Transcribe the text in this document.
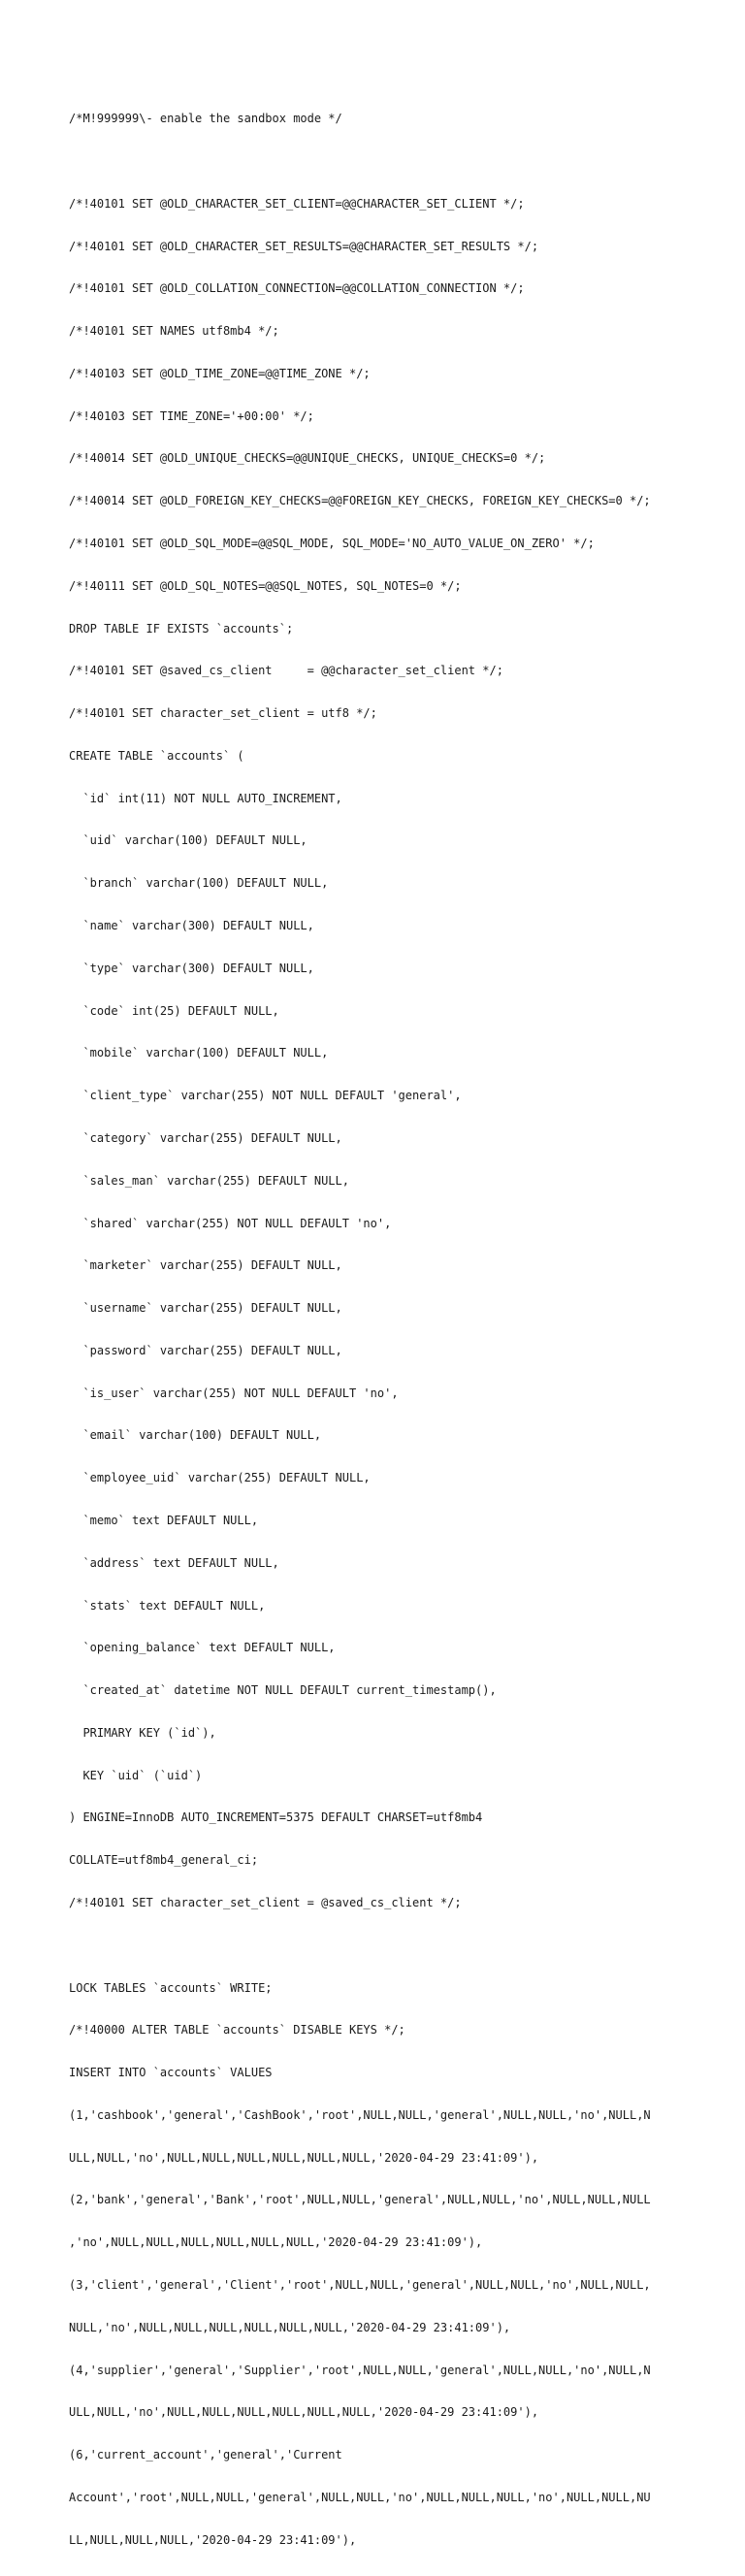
/*M!999999\- enable the sandbox mode */

/*!40101 SET @OLD_CHARACTER_SET_CLIENT=@@CHARACTER_SET_CLIENT */;

/*!40101 SET @OLD_CHARACTER_SET_RESULTS=@@CHARACTER_SET_RESULTS */;

/*!40101 SET @OLD_COLLATION_CONNECTION=@@COLLATION_CONNECTION */;

/*!40101 SET NAMES utf8mb4 */;

/*!40103 SET @OLD_TIME_ZONE=@@TIME_ZONE */;

/*!40103 SET TIME_ZONE='+00:00' */;

/*!40014 SET @OLD_UNIQUE_CHECKS=@@UNIQUE_CHECKS, UNIQUE_CHECKS=0 */;

/*!40014 SET @OLD_FOREIGN_KEY_CHECKS=@@FOREIGN_KEY_CHECKS, FOREIGN_KEY_CHECKS=0 */;

/*!40101 SET @OLD_SQL_MODE=@@SQL_MODE, SQL_MODE='NO_AUTO_VALUE_ON_ZERO' */;

/*!40111 SET @OLD_SQL_NOTES=@@SQL_NOTES, SQL_NOTES=0 */;

DROP TABLE IF EXISTS `accounts`;

/*!40101 SET @saved_cs_client     = @@character_set_client */;

/*!40101 SET character_set_client = utf8 */;

CREATE TABLE `accounts` (

`id` int(11) NOT NULL AUTO_INCREMENT,

`uid` varchar(100) DEFAULT NULL,

`branch` varchar(100) DEFAULT NULL,

`name` varchar(300) DEFAULT NULL,

`type` varchar(300) DEFAULT NULL,

`code` int(25) DEFAULT NULL,

`mobile` varchar(100) DEFAULT NULL,

`client_type` varchar(255) NOT NULL DEFAULT 'general',

`category` varchar(255) DEFAULT NULL,

`sales_man` varchar(255) DEFAULT NULL,

`shared` varchar(255) NOT NULL DEFAULT 'no',

`marketer` varchar(255) DEFAULT NULL,

`username` varchar(255) DEFAULT NULL,

`password` varchar(255) DEFAULT NULL,

`is_user` varchar(255) NOT NULL DEFAULT 'no',

`email` varchar(100) DEFAULT NULL,

`employee_uid` varchar(255) DEFAULT NULL,

`memo` text DEFAULT NULL,

`address` text DEFAULT NULL,

`stats` text DEFAULT NULL,

`opening_balance` text DEFAULT NULL,

`created_at` datetime NOT NULL DEFAULT current_timestamp(),

PRIMARY KEY (`id`),

KEY `uid` (`uid`)

) ENGINE=InnoDB AUTO_INCREMENT=5375 DEFAULT CHARSET=utf8mb4

COLLATE=utf8mb4_general_ci;

/*!40101 SET character_set_client = @saved_cs_client */;

LOCK TABLES `accounts` WRITE;

/*!40000 ALTER TABLE `accounts` DISABLE KEYS */;

INSERT INTO `accounts` VALUES

(1,'cashbook','general','CashBook','root',NULL,NULL,'general',NULL,NULL,'no',NULL,N

ULL,NULL,'no',NULL,NULL,NULL,NULL,NULL,NULL,'2020-04-29 23:41:09'),

(2,'bank','general','Bank','root',NULL,NULL,'general',NULL,NULL,'no',NULL,NULL,NULL

,'no',NULL,NULL,NULL,NULL,NULL,NULL,'2020-04-29 23:41:09'),

(3,'client','general','Client','root',NULL,NULL,'general',NULL,NULL,'no',NULL,NULL,

NULL,'no',NULL,NULL,NULL,NULL,NULL,NULL,'2020-04-29 23:41:09'),

(4,'supplier','general','Supplier','root',NULL,NULL,'general',NULL,NULL,'no',NULL,N

ULL,NULL,'no',NULL,NULL,NULL,NULL,NULL,NULL,'2020-04-29 23:41:09'),

(6,'current_account','general','Current

Account','root',NULL,NULL,'general',NULL,NULL,'no',NULL,NULL,NULL,'no',NULL,NULL,NU

LL,NULL,NULL,NULL,'2020-04-29 23:41:09'),
